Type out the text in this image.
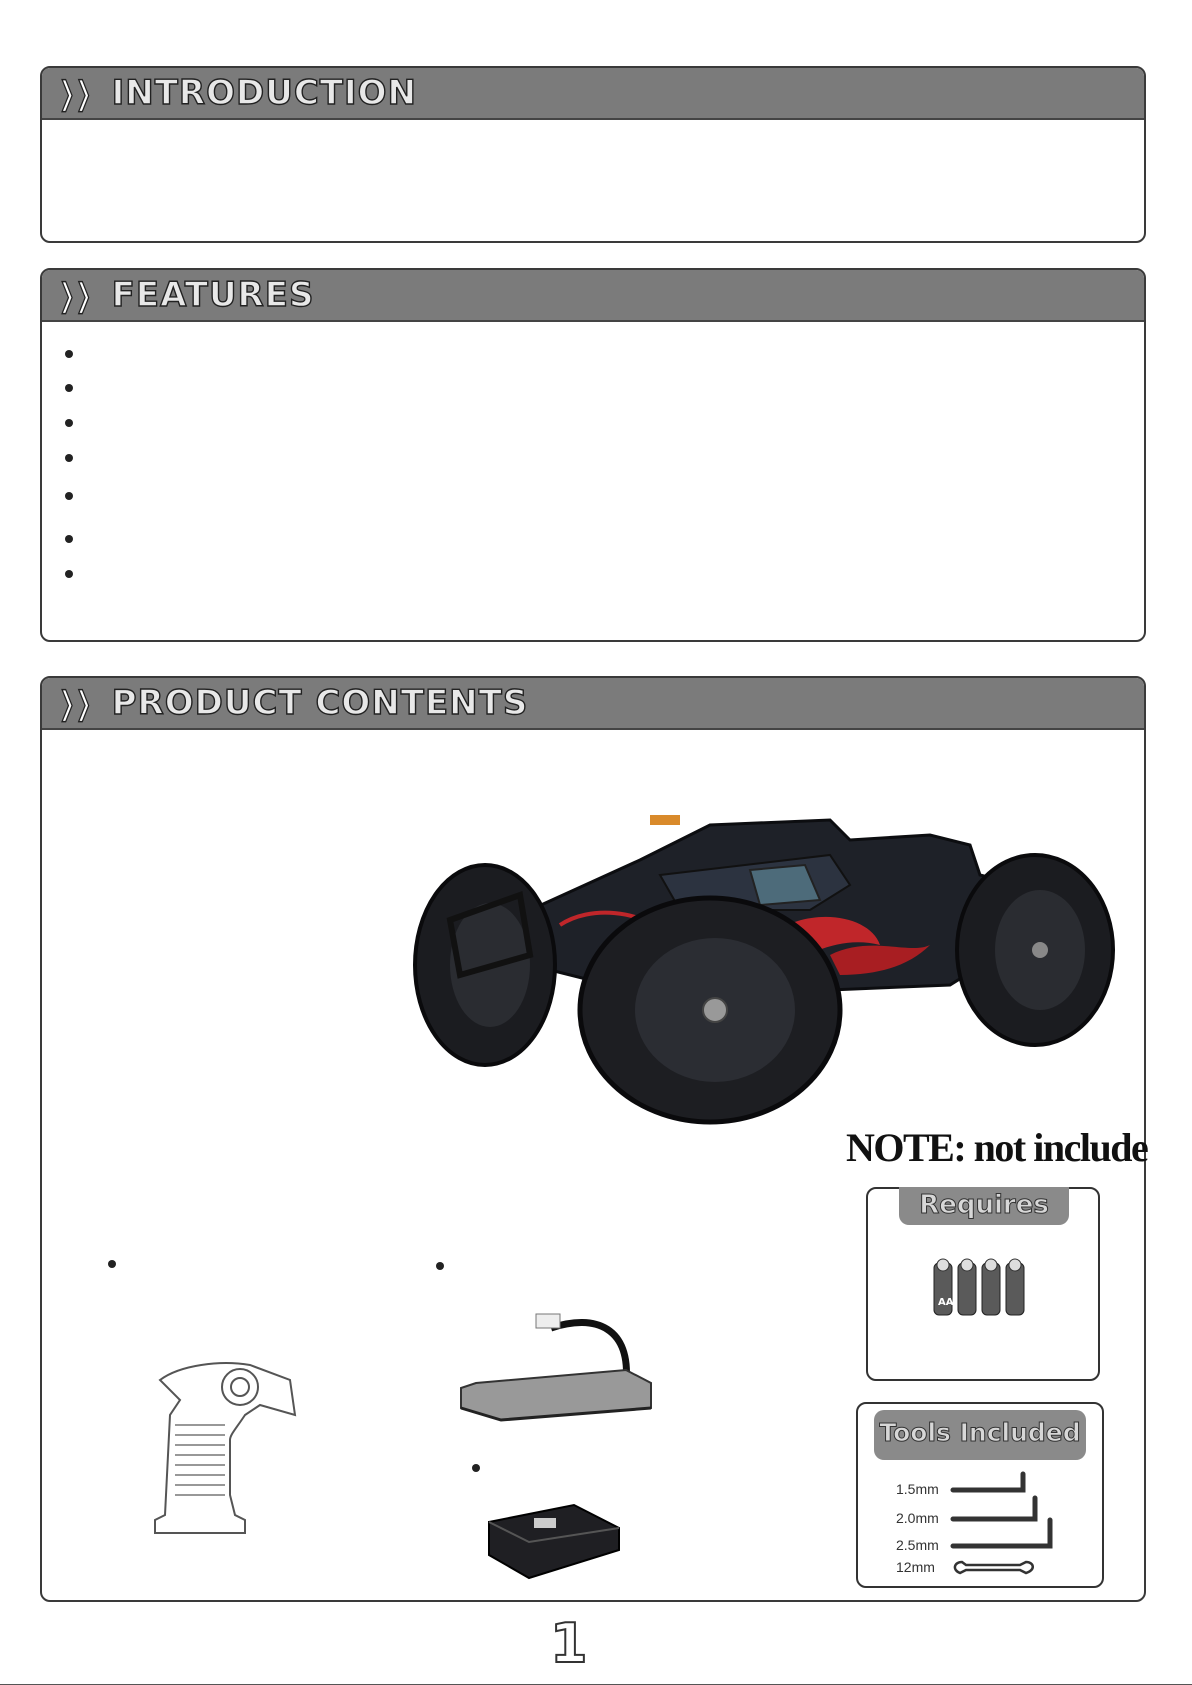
❭❭ INTRODUCTION
❭❭ FEATURES
❭❭ PRODUCT CONTENTS
NOTE: not include
Requires
AA
Tools Included
1.5mm
2.0mm
2.5mm
12mm
1
